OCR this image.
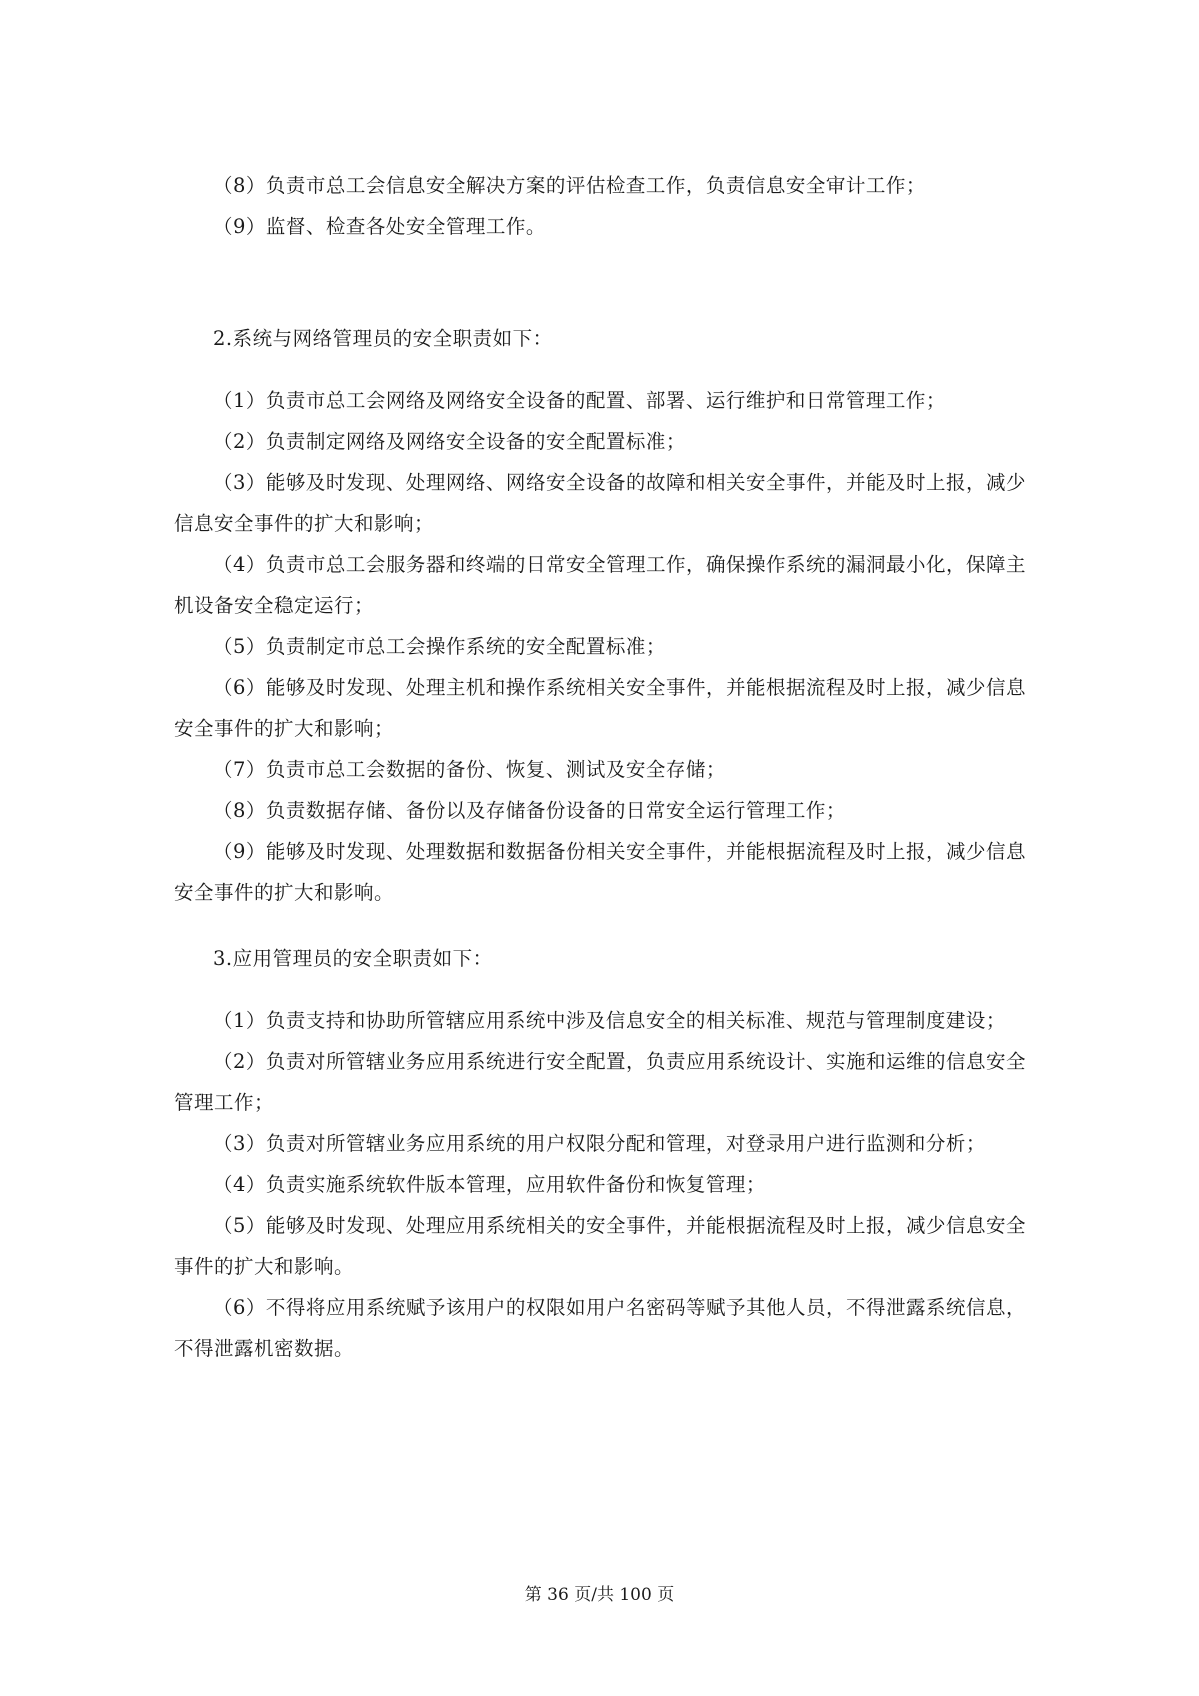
（8）负责市总工会信息安全解决方案的评估检查工作，负责信息安全审计工作；

（9）监督、检查各处安全管理工作。

2.系统与网络管理员的安全职责如下：

（1）负责市总工会网络及网络安全设备的配置、部署、运行维护和日常管理工作；

（2）负责制定网络及网络安全设备的安全配置标准；

（3）能够及时发现、处理网络、网络安全设备的故障和相关安全事件，并能及时上报，减少信息安全事件的扩大和影响；

（4）负责市总工会服务器和终端的日常安全管理工作，确保操作系统的漏洞最小化，保障主机设备安全稳定运行；

（5）负责制定市总工会操作系统的安全配置标准；

（6）能够及时发现、处理主机和操作系统相关安全事件，并能根据流程及时上报，减少信息安全事件的扩大和影响；

（7）负责市总工会数据的备份、恢复、测试及安全存储；

（8）负责数据存储、备份以及存储备份设备的日常安全运行管理工作；

（9）能够及时发现、处理数据和数据备份相关安全事件，并能根据流程及时上报，减少信息安全事件的扩大和影响。

3.应用管理员的安全职责如下：

（1）负责支持和协助所管辖应用系统中涉及信息安全的相关标准、规范与管理制度建设；

（2）负责对所管辖业务应用系统进行安全配置，负责应用系统设计、实施和运维的信息安全管理工作；

（3）负责对所管辖业务应用系统的用户权限分配和管理，对登录用户进行监测和分析；

（4）负责实施系统软件版本管理，应用软件备份和恢复管理；

（5）能够及时发现、处理应用系统相关的安全事件，并能根据流程及时上报，减少信息安全事件的扩大和影响。

（6）不得将应用系统赋予该用户的权限如用户名密码等赋予其他人员，不得泄露系统信息，不得泄露机密数据。

第 36 页/共 100 页
